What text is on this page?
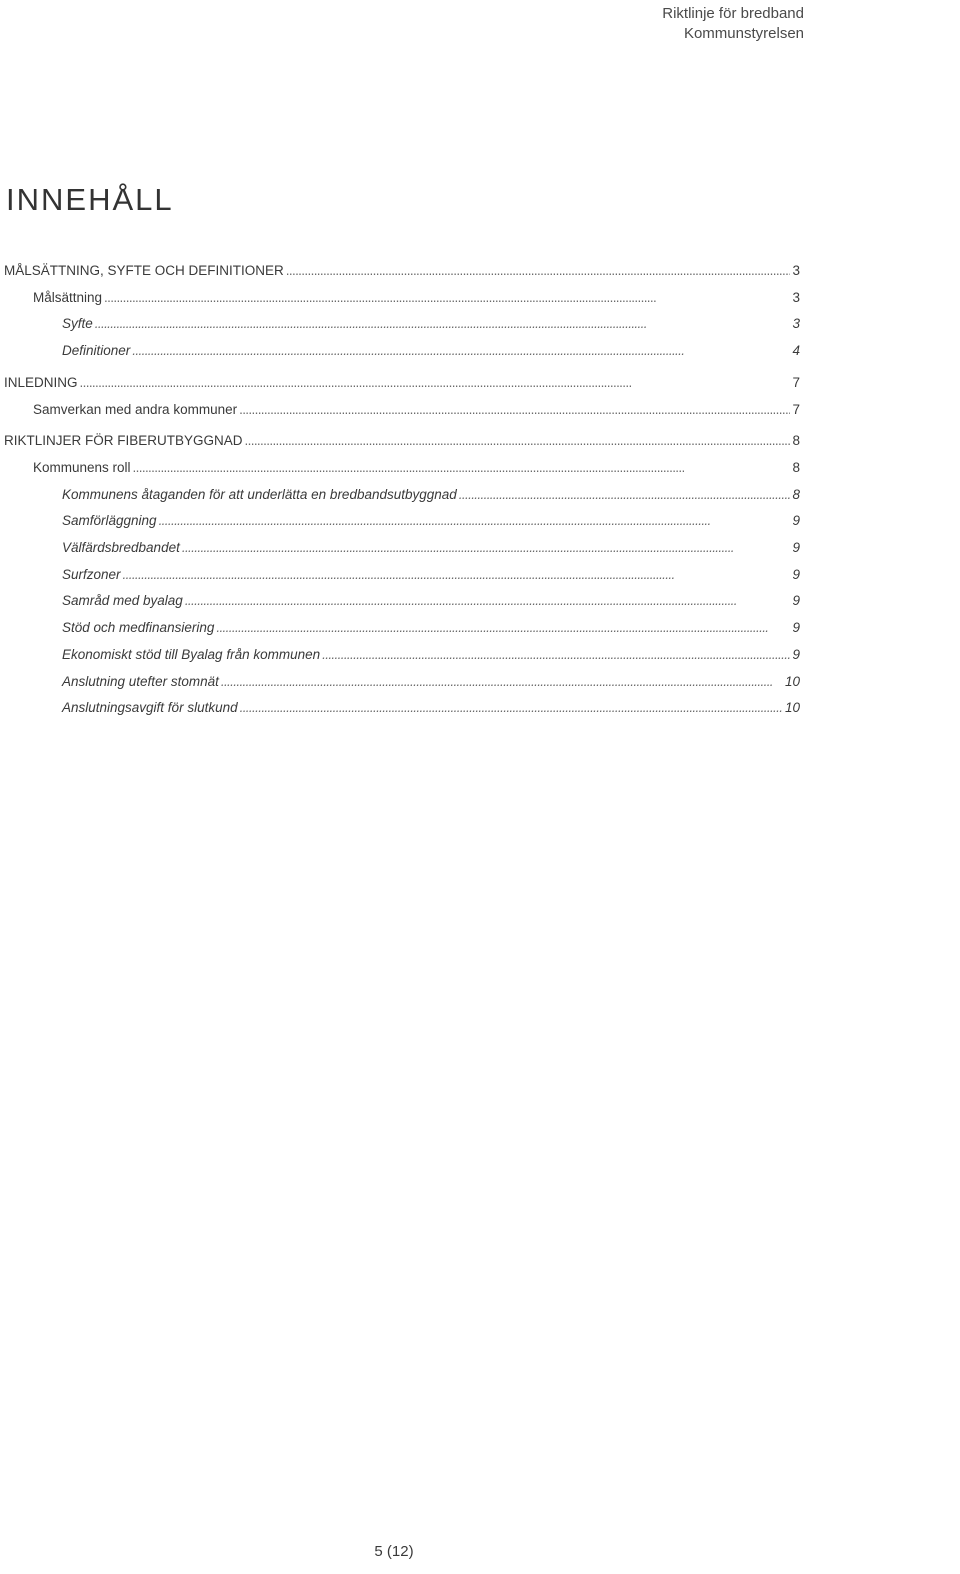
Riktlinje för bredband
Kommunstyrelsen
INNEHÅLL
MÅLSÄTTNING, SYFTE OCH DEFINITIONER . . .	3
Målsättning . . .	3
Syfte . . .	3
Definitioner . . .	4
INLEDNING . . .	7
Samverkan med andra kommuner . . .	7
RIKTLINJER FÖR FIBERUTBYGGNAD . . .	8
Kommunens roll . . .	8
Kommunens åtaganden för att underlätta en bredbandsutbyggnad . . .	8
Samförläggning . . .	9
Välfärdsbredbandet . . .	9
Surfzoner . . .	9
Samråd med byalag . . .	9
Stöd och medfinansiering . . .	9
Ekonomiskt stöd till Byalag från kommunen . . .	9
Anslutning utefter stomnät . . .	10
Anslutningsavgift för slutkund . . .	10
5 (12)
